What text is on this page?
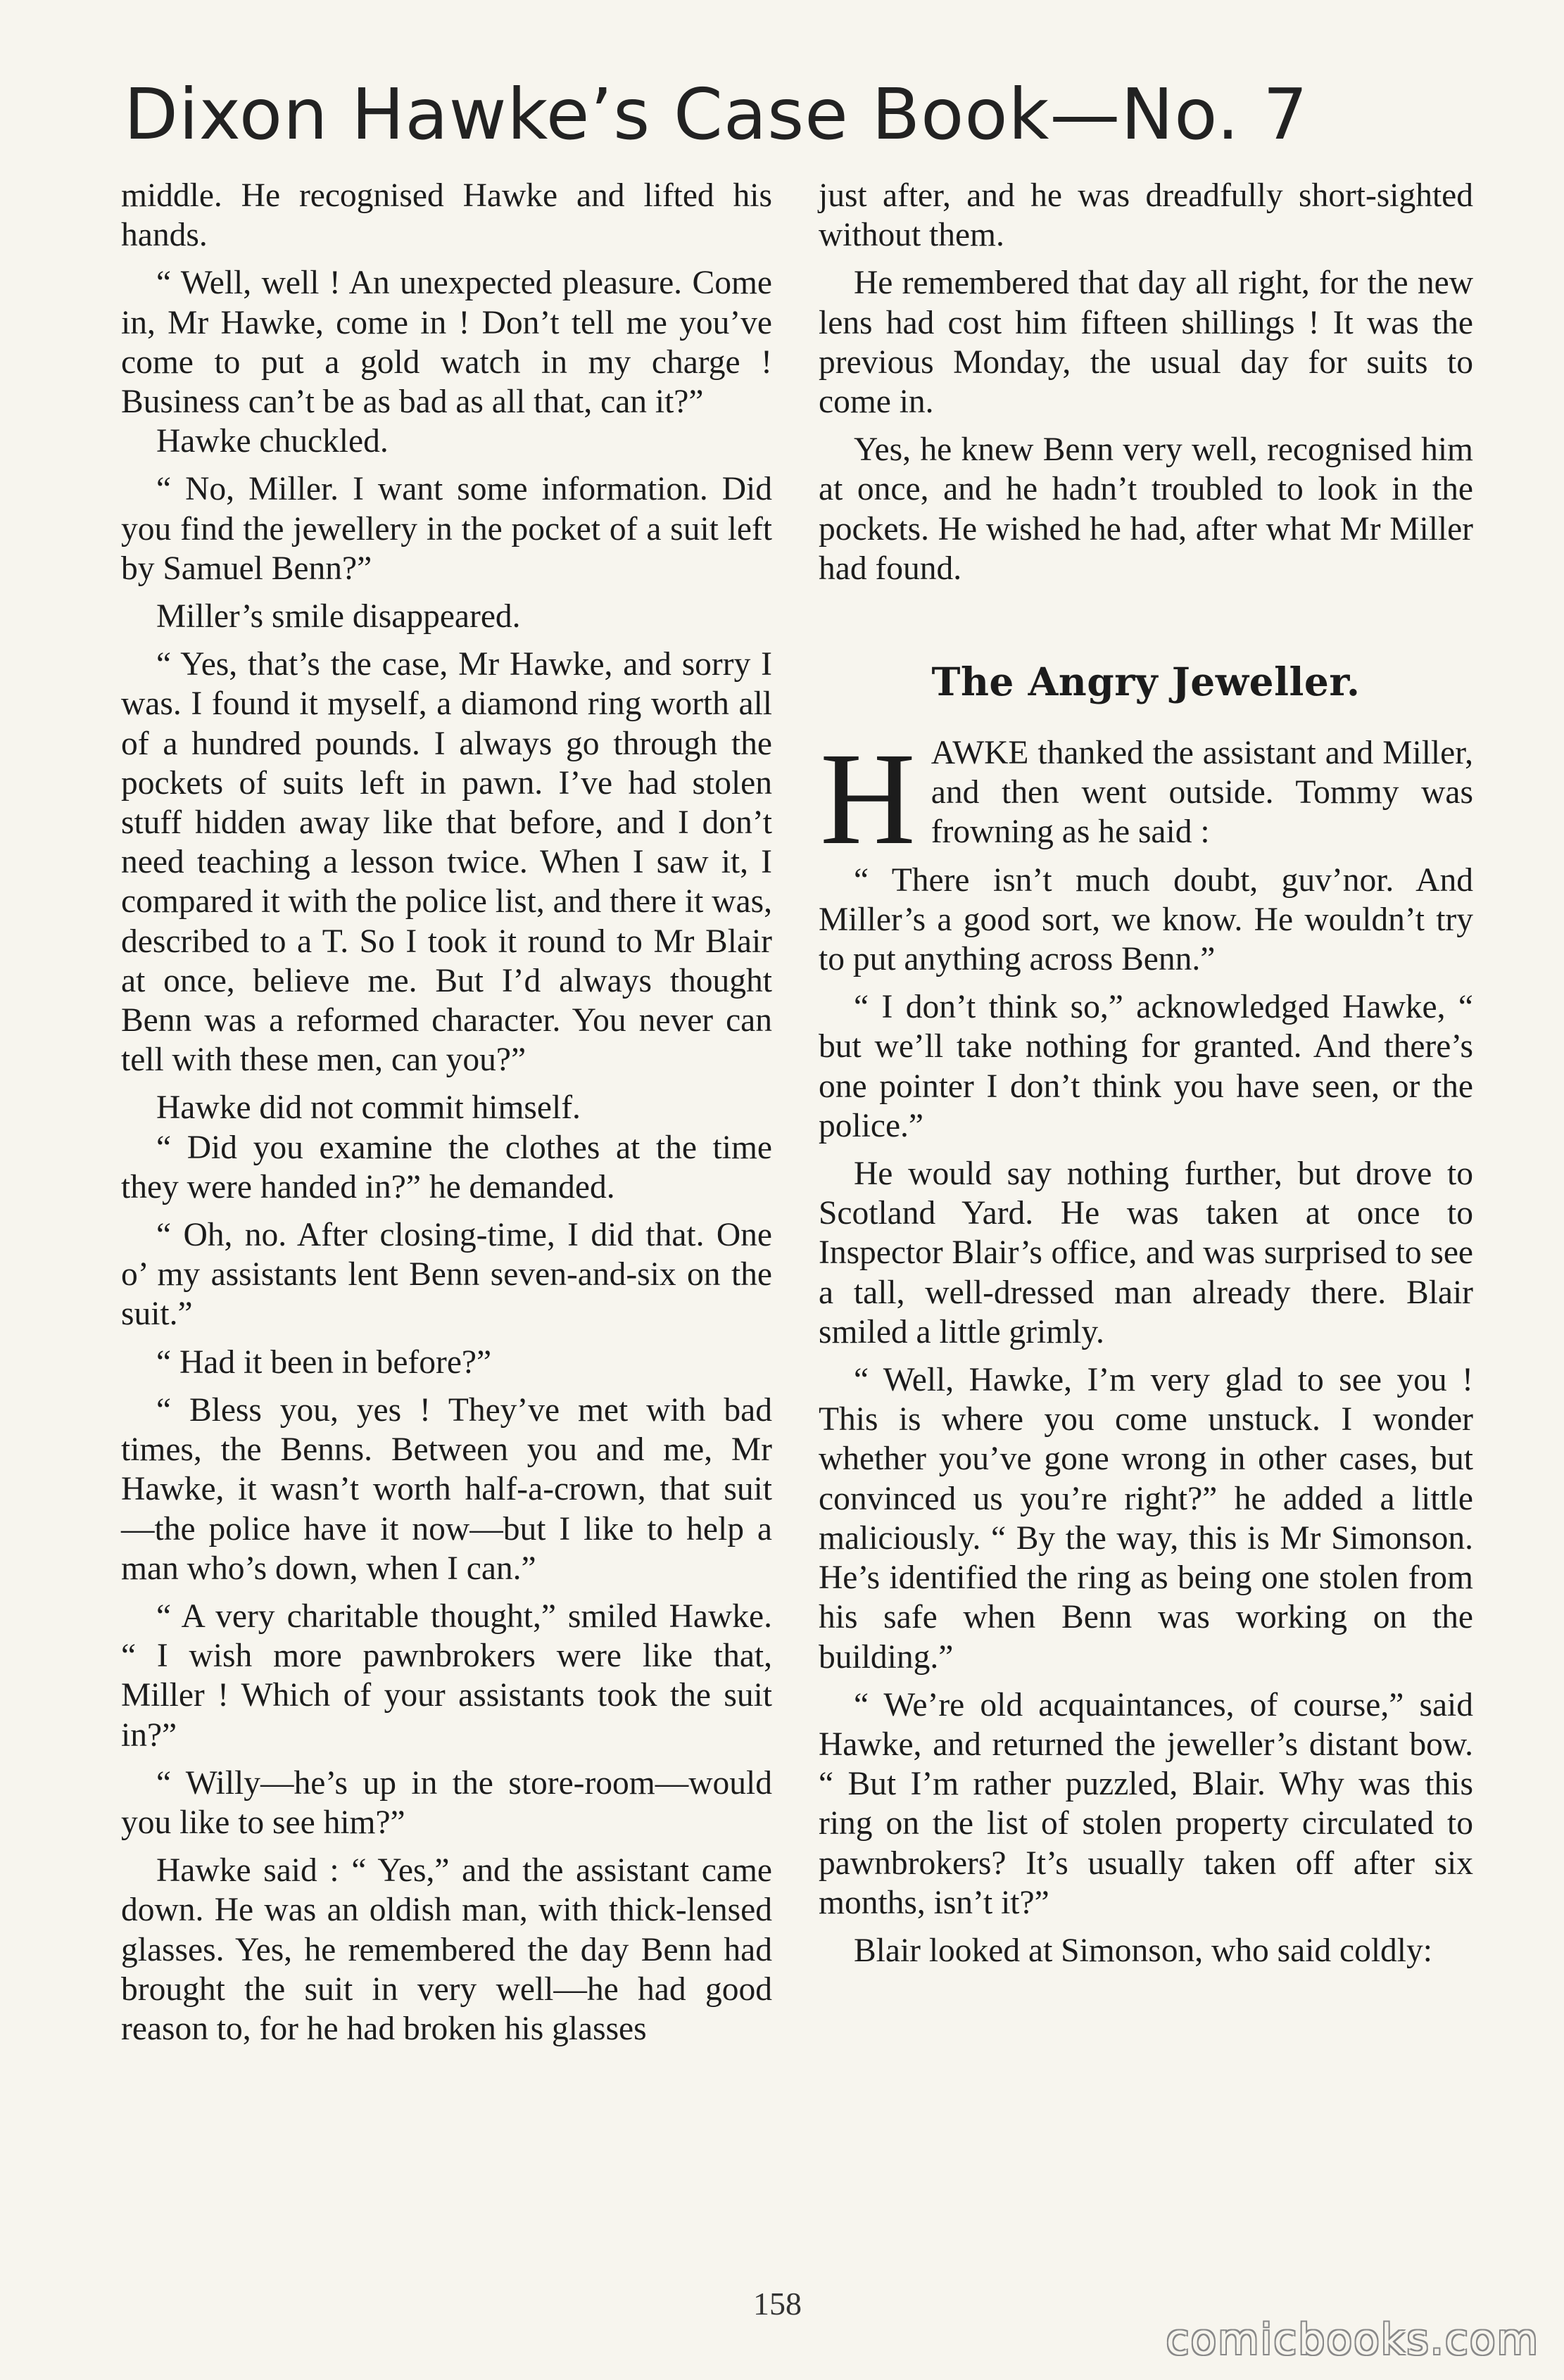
Dixon Hawke’s Case Book—No. 7

middle. He recognised Hawke and lifted his hands.

“ Well, well ! An unexpected pleasure. Come in, Mr Hawke, come in ! Don’t tell me you’ve come to put a gold watch in my charge ! Business can’t be as bad as all that, can it?”

Hawke chuckled.

“ No, Miller. I want some information. Did you find the jewellery in the pocket of a suit left by Samuel Benn?”

Miller’s smile disappeared.

“ Yes, that’s the case, Mr Hawke, and sorry I was. I found it myself, a diamond ring worth all of a hundred pounds. I always go through the pockets of suits left in pawn. I’ve had stolen stuff hidden away like that before, and I don’t need teaching a lesson twice. When I saw it, I compared it with the police list, and there it was, described to a T. So I took it round to Mr Blair at once, believe me. But I’d always thought Benn was a reformed character. You never can tell with these men, can you?”

Hawke did not commit himself.

“ Did you examine the clothes at the time they were handed in?” he demanded.

“ Oh, no. After closing-time, I did that. One o’ my assistants lent Benn seven-and-six on the suit.”

“ Had it been in before?”

“ Bless you, yes ! They’ve met with bad times, the Benns. Between you and me, Mr Hawke, it wasn’t worth half-a-crown, that suit—the police have it now—but I like to help a man who’s down, when I can.”

“ A very charitable thought,” smiled Hawke. “ I wish more pawnbrokers were like that, Miller ! Which of your assistants took the suit in?”

“ Willy—he’s up in the store-room—would you like to see him?”

Hawke said : “ Yes,” and the assistant came down. He was an oldish man, with thick-lensed glasses. Yes, he remembered the day Benn had brought the suit in very well—he had good reason to, for he had broken his glasses

just after, and he was dreadfully short-sighted without them.

He remembered that day all right, for the new lens had cost him fifteen shillings ! It was the previous Monday, the usual day for suits to come in.

Yes, he knew Benn very well, recognised him at once, and he hadn’t troubled to look in the pockets. He wished he had, after what Mr Miller had found.

The Angry Jeweller.

HAWKE thanked the assistant and Miller, and then went outside. Tommy was frowning as he said :

“ There isn’t much doubt, guv’nor. And Miller’s a good sort, we know. He wouldn’t try to put anything across Benn.”

“ I don’t think so,” acknowledged Hawke, “ but we’ll take nothing for granted. And there’s one pointer I don’t think you have seen, or the police.”

He would say nothing further, but drove to Scotland Yard. He was taken at once to Inspector Blair’s office, and was surprised to see a tall, well-dressed man already there. Blair smiled a little grimly.

“ Well, Hawke, I’m very glad to see you ! This is where you come unstuck. I wonder whether you’ve gone wrong in other cases, but convinced us you’re right?” he added a little maliciously. “ By the way, this is Mr Simonson. He’s identified the ring as being one stolen from his safe when Benn was working on the building.”

“ We’re old acquaintances, of course,” said Hawke, and returned the jeweller’s distant bow. “ But I’m rather puzzled, Blair. Why was this ring on the list of stolen property circulated to pawnbrokers? It’s usually taken off after six months, isn’t it?”

Blair looked at Simonson, who said coldly:

158
comicbooks.com
